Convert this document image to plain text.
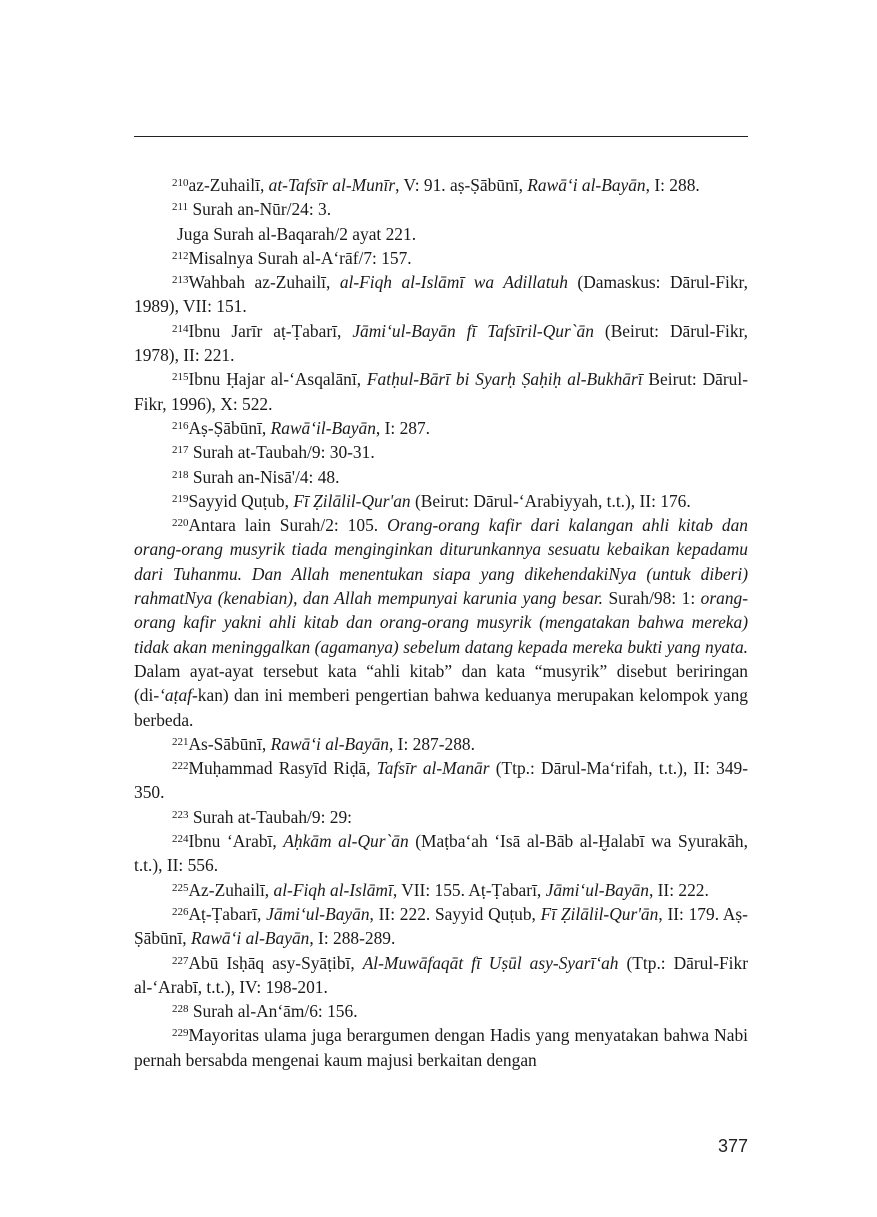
$^{210}$az-Zuhailī, at-Tafsīr al-Munīr, V: 91. aṣ-Ṣābūnī, Rawā‘i al-Bayān, I: 288.

$^{211}$ Surah an-Nūr/24: 3.

Juga Surah al-Baqarah/2 ayat 221.

$^{212}$Misalnya Surah al-A‘rāf/7: 157.

$^{213}$Wahbah az-Zuhailī, al-Fiqh al-Islāmī wa Adillatuh (Damaskus: Dārul-Fikr, 1989), VII: 151.

$^{214}$Ibnu Jarīr aṭ-Ṭabarī, Jāmi‘ul-Bayān fī Tafsīril-Qur`ān (Beirut: Dārul-Fikr, 1978), II: 221.

$^{215}$Ibnu Ḥajar al-‘Asqalānī, Fatḥul-Bārī bi Syarḥ Ṣaḥiḥ al-Bukhārī Beirut: Dārul-Fikr, 1996), X: 522.

$^{216}$Aṣ-Ṣābūnī, Rawā‘il-Bayān, I: 287.

$^{217}$ Surah at-Taubah/9: 30-31.

$^{218}$ Surah an-Nisā'/4: 48.

$^{219}$Sayyid Quṭub, Fī Ẓilālil-Qur'an (Beirut: Dārul-‘Arabiyyah, t.t.), II: 176.

$^{220}$Antara lain Surah/2: 105. Orang-orang kafir dari kalangan ahli kitab dan orang-orang musyrik tiada menginginkan diturunkannya sesuatu kebaikan kepadamu dari Tuhanmu. Dan Allah menentukan siapa yang dikehendakiNya (untuk diberi) rahmatNya (kenabian), dan Allah mempunyai karunia yang besar. Surah/98: 1: orang-orang kafir yakni ahli kitab dan orang-orang musyrik (mengatakan bahwa mereka) tidak akan meninggalkan (agamanya) sebelum datang kepada mereka bukti yang nyata. Dalam ayat-ayat tersebut kata “ahli kitab” dan kata “musyrik” disebut beriringan (di-‘aṭaf-kan) dan ini memberi pengertian bahwa keduanya merupakan kelompok yang berbeda.

$^{221}$As-Sābūnī, Rawā‘i al-Bayān, I: 287-288.

$^{222}$Muḥammad Rasyīd Riḍā, Tafsīr al-Manār (Ttp.: Dārul-Ma‘rifah, t.t.), II: 349-350.

$^{223}$ Surah at-Taubah/9: 29:

$^{224}$Ibnu ‘Arabī, Aḥkām al-Qur`ān (Maṭba‘ah ‘Isā al-Bāb al-Ḫalabī wa Syurakāh, t.t.), II: 556.

$^{225}$Az-Zuhailī, al-Fiqh al-Islāmī, VII: 155. Aṭ-Ṭabarī, Jāmi‘ul-Bayān, II: 222.

$^{226}$Aṭ-Ṭabarī, Jāmi‘ul-Bayān, II: 222. Sayyid Quṭub, Fī Ẓilālil-Qur'ān, II: 179. Aṣ-Ṣābūnī, Rawā‘i al-Bayān, I: 288-289.

$^{227}$Abū Isḥāq asy-Syāṭibī, Al-Muwāfaqāt fī Uṣūl asy-Syarī‘ah (Ttp.: Dārul-Fikr al-‘Arabī, t.t.), IV: 198-201.

$^{228}$ Surah al-An‘ām/6: 156.

$^{229}$Mayoritas ulama juga berargumen dengan Hadis yang menyatakan bahwa Nabi pernah bersabda mengenai kaum majusi berkaitan dengan

377
